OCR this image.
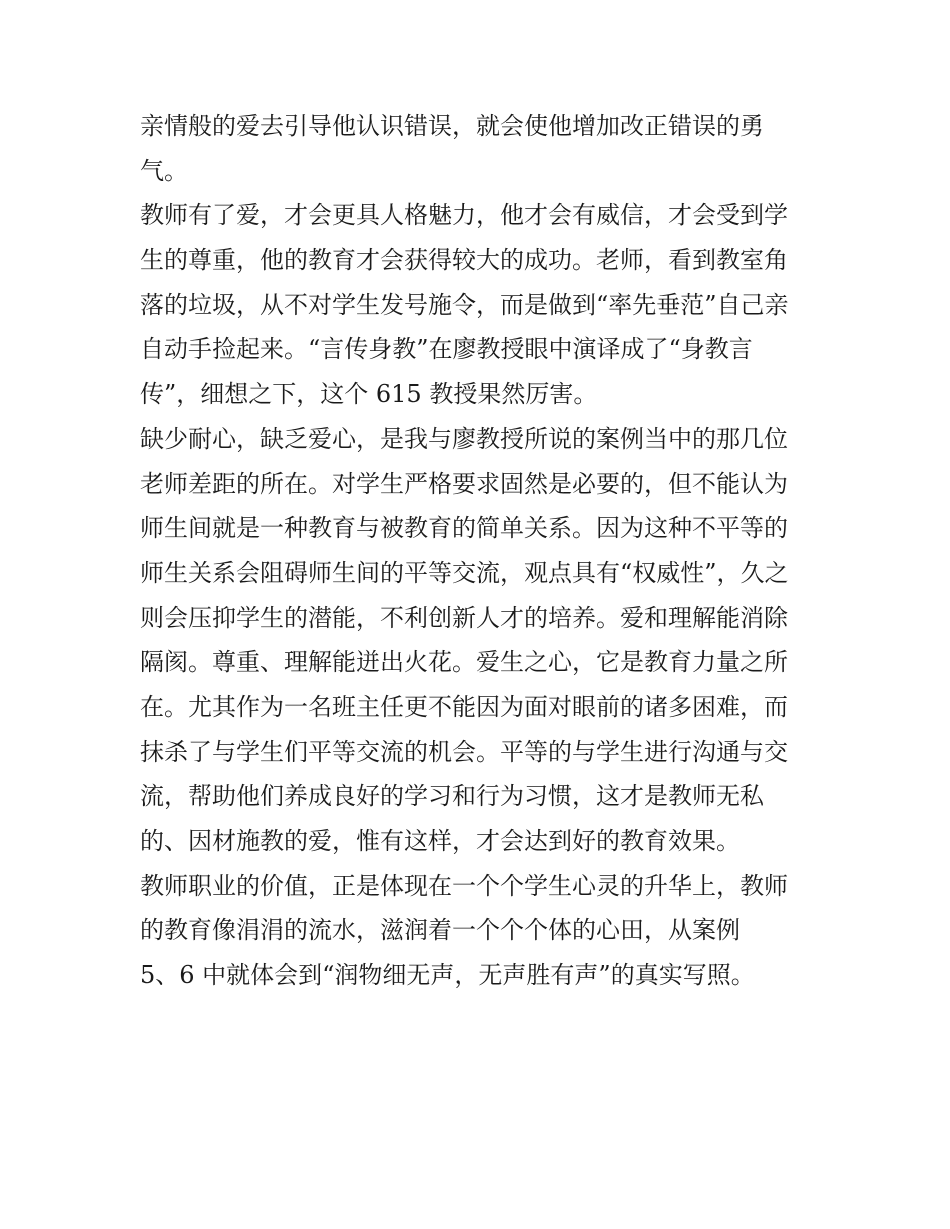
亲情般的爱去引导他认识错误，就会使他增加改正错误的勇
气。
教师有了爱，才会更具人格魅力，他才会有威信，才会受到学
生的尊重，他的教育才会获得较大的成功。老师，看到教室角
落的垃圾，从不对学生发号施令，而是做到“率先垂范”自己亲
自动手捡起来。“言传身教”在廖教授眼中演译成了“身教言
传”，细想之下，这个 615 教授果然厉害。
缺少耐心，缺乏爱心，是我与廖教授所说的案例当中的那几位
老师差距的所在。对学生严格要求固然是必要的，但不能认为
师生间就是一种教育与被教育的简单关系。因为这种不平等的
师生关系会阻碍师生间的平等交流，观点具有“权威性”，久之
则会压抑学生的潜能，不利创新人才的培养。爱和理解能消除
隔阂。尊重、理解能迸出火花。爱生之心，它是教育力量之所
在。尤其作为一名班主任更不能因为面对眼前的诸多困难，而
抹杀了与学生们平等交流的机会。平等的与学生进行沟通与交
流，帮助他们养成良好的学习和行为习惯，这才是教师无私
的、因材施教的爱，惟有这样，才会达到好的教育效果。
教师职业的价值，正是体现在一个个学生心灵的升华上，教师
的教育像涓涓的流水，滋润着一个个个体的心田，从案例
5、6 中就体会到“润物细无声，无声胜有声”的真实写照。
